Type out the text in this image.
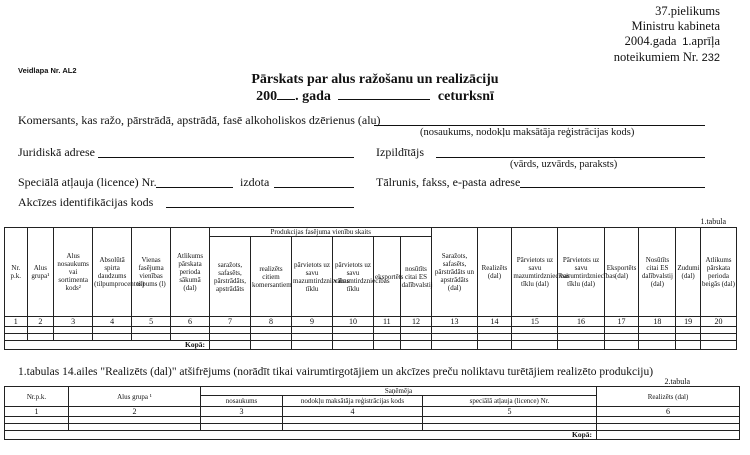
37.pielikums
Ministru kabineta
2004.gada 1.aprīļa
noteikumiem Nr. 232
Veidlapa Nr. AL2
Pārskats par alus ražošanu un realizāciju
200 . gada	ceturksnī
Komersants, kas ražo, pārstrādā, apstrādā, fasē alkoholiskos dzērienus (alu)
(nosaukums, nodokļu maksātāja reģistrācijas kods)
Juridiskā adrese	Izpildītājs
(vārds, uzvārds, paraksts)
Speciālā atļauja (licence) Nr.	izdota	Tālrunis, fakss, e-pasta adrese
Akcīzes identifikācijas kods
1.tabula
Nr. p.k.	Alus grupa¹	Alus nosaukums vai sortimenta kods²	Absolūtā spirta daudzums (tilpumprocentos)	Vienas fasējuma vienības tilpums (l)	Atlikums pārskata perioda sākumā (dal)	Produkcijas fasējuma vienību skaits						Saražots, safasēts, pārstrādāts un apstrādāts (dal)	Realizēts (dal)	Pārvietots uz savu mazumtirdzniecības tīklu (dal)	Pārvietots uz savu vairumtirdzniecības tīklu (dal)	Eksportēts (dal)	Nosūtīts citai ES dalībvalstij (dal)	Zudumi (dal)	Atlikums pārskata perioda beigās (dal)
						saražots, safasēts, pārstrādāts, apstrādāts	realizēts citiem komersantiem	pārvietots uz savu mazumtirdzniecības tīklu	pārvietots uz savu vairumtirdzniecības tīklu	eksportēts	nosūtīts citai ES dalībvalstij								
1	2	3	4	5	6	7	8	9	10	11	12	13	14	15	16	17	18	19	20

Kopā:																			
1.tabulas 14.ailes "Realizēts (dal)" atšifrējums (norādīt tikai vairumtirgotājiem un akcīzes preču noliktavu turētājiem realizēto produkciju)
2.tabula
Nr.p.k.	Alus grupa ¹	Saņēmēja			Realizēts (dal)
		nosaukums	nodokļu maksātāja reģistrācijas kods	speciālā atļauja (licence) Nr.	
1	2	3	4	5	6

Kopā:					
